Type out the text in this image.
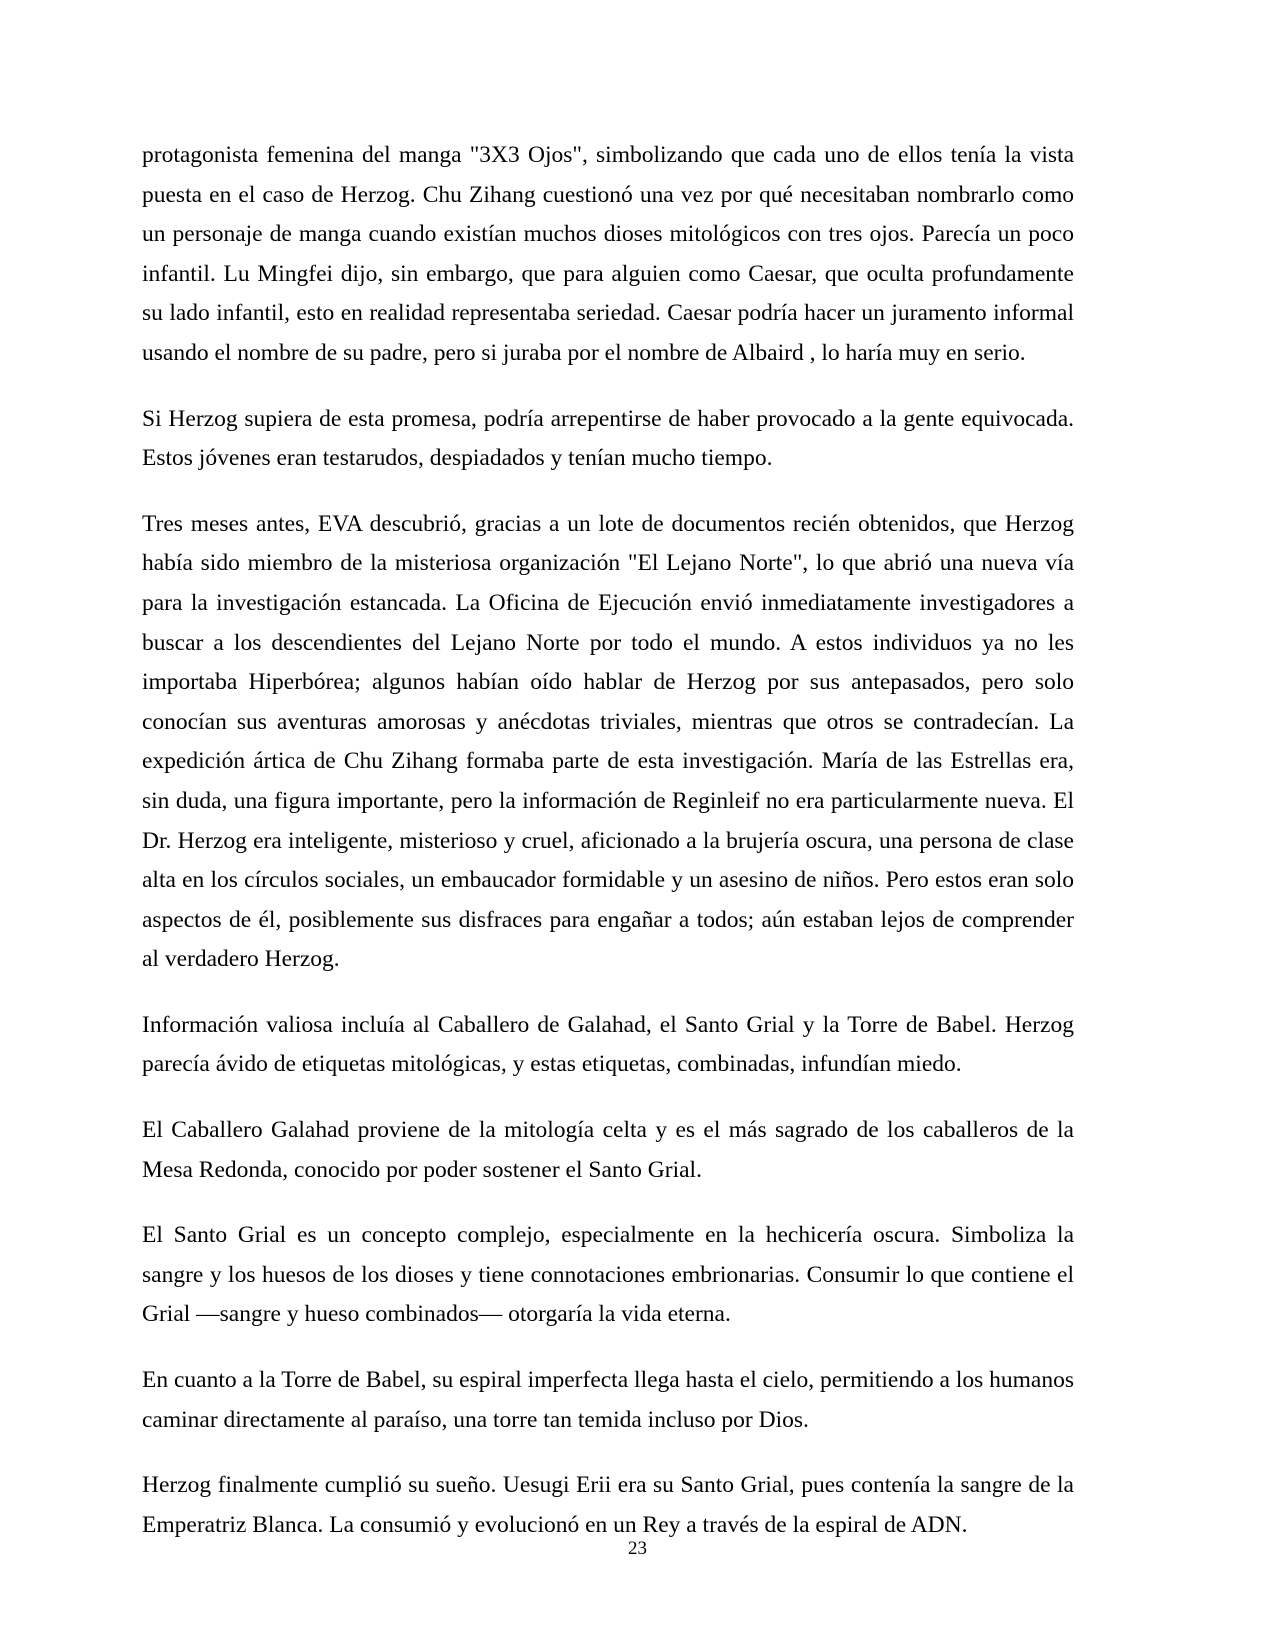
protagonista femenina del manga "3X3 Ojos", simbolizando que cada uno de ellos tenía la vista puesta en el caso de Herzog. Chu Zihang cuestionó una vez por qué necesitaban nombrarlo como un personaje de manga cuando existían muchos dioses mitológicos con tres ojos. Parecía un poco infantil. Lu Mingfei dijo, sin embargo, que para alguien como Caesar, que oculta profundamente su lado infantil, esto en realidad representaba seriedad. Caesar podría hacer un juramento informal usando el nombre de su padre, pero si juraba por el nombre de Albaird , lo haría muy en serio.

Si Herzog supiera de esta promesa, podría arrepentirse de haber provocado a la gente equivocada. Estos jóvenes eran testarudos, despiadados y tenían mucho tiempo.

Tres meses antes, EVA descubrió, gracias a un lote de documentos recién obtenidos, que Herzog había sido miembro de la misteriosa organización "El Lejano Norte", lo que abrió una nueva vía para la investigación estancada. La Oficina de Ejecución envió inmediatamente investigadores a buscar a los descendientes del Lejano Norte por todo el mundo. A estos individuos ya no les importaba Hiperbórea; algunos habían oído hablar de Herzog por sus antepasados, pero solo conocían sus aventuras amorosas y anécdotas triviales, mientras que otros se contradecían. La expedición ártica de Chu Zihang formaba parte de esta investigación. María de las Estrellas era, sin duda, una figura importante, pero la información de Reginleif no era particularmente nueva. El Dr. Herzog era inteligente, misterioso y cruel, aficionado a la brujería oscura, una persona de clase alta en los círculos sociales, un embaucador formidable y un asesino de niños. Pero estos eran solo aspectos de él, posiblemente sus disfraces para engañar a todos; aún estaban lejos de comprender al verdadero Herzog.

Información valiosa incluía al Caballero de Galahad, el Santo Grial y la Torre de Babel. Herzog parecía ávido de etiquetas mitológicas, y estas etiquetas, combinadas, infundían miedo.

El Caballero Galahad proviene de la mitología celta y es el más sagrado de los caballeros de la Mesa Redonda, conocido por poder sostener el Santo Grial.

El Santo Grial es un concepto complejo, especialmente en la hechicería oscura. Simboliza la sangre y los huesos de los dioses y tiene connotaciones embrionarias. Consumir lo que contiene el Grial —sangre y hueso combinados— otorgaría la vida eterna.

En cuanto a la Torre de Babel, su espiral imperfecta llega hasta el cielo, permitiendo a los humanos caminar directamente al paraíso, una torre tan temida incluso por Dios.

Herzog finalmente cumplió su sueño. Uesugi Erii era su Santo Grial, pues contenía la sangre de la Emperatriz Blanca. La consumió y evolucionó en un Rey a través de la espiral de ADN.

23
